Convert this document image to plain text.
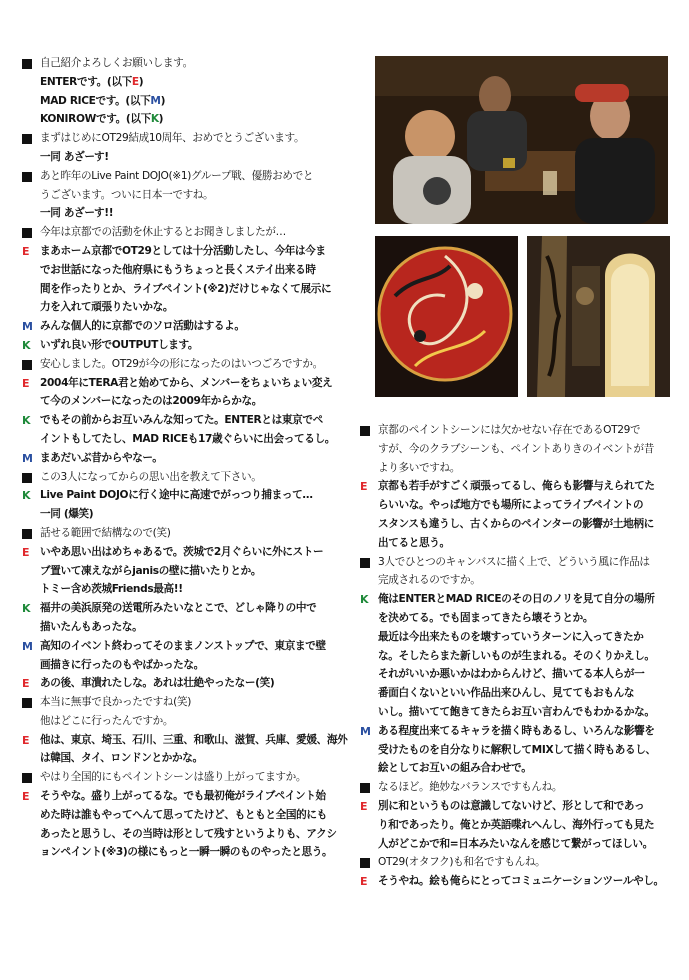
自己紹介よろしくお願いします。
ENTERです。(以下E)
MAD RICEです。(以下M)
KONIROWです。(以下K)
まずはじめにOT29結成10周年、おめでとうございます。
一同 あざーす!
あと昨年のLive Paint DOJO(※1)グループ戦、優勝おめでと
うございます。ついに日本一ですね。
一同 あざーす!!
今年は京都での活動を休止するとお聞きしましたが…
E まあホーム京都でOT29としては十分活動したし、今年は今ま
でお世話になった他府県にもうちょっと長くステイ出来る時
間を作ったりとか、ライブペイント(※2)だけじゃなくて展示に
力を入れて頑張りたいかな。
M みんな個人的に京都でのソロ活動はするよ。
K いずれ良い形でOUTPUTします。
安心しました。OT29が今の形になったのはいつごろですか。
E 2004年にTERA君と始めてから、メンバーをちょいちょい変え
て今のメンバーになったのは2009年からかな。
K でもその前からお互いみんな知ってた。ENTERとは東京でペ
イントもしてたし、MAD RICEも17歳ぐらいに出会ってるし。
M まあだいぶ昔からやなー。
この3人になってからの思い出を教えて下さい。
K Live Paint DOJOに行く途中に高速でがっつり捕まって…
一同 (爆笑)
話せる範囲で結構なので(笑)
E いやあ思い出はめちゃあるで。茨城で2月ぐらいに外にストー
ブ置いて凍えながらjanisの壁に描いたりとか。
トミー含め茨城Friends最高!!
K 福井の美浜原発の送電所みたいなとこで、どしゃ降りの中で
描いたんもあったな。
M 高知のイベント終わってそのままノンストップで、東京まで壁
画描きに行ったのもやばかったな。
E あの後、車潰れたしな。あれは壮絶やったなー(笑)
本当に無事で良かったですね(笑)
他はどこに行ったんですか。
E 他は、東京、埼玉、石川、三重、和歌山、滋賀、兵庫、愛媛、海外
は韓国、タイ、ロンドンとかかな。
やはり全国的にもペイントシーンは盛り上がってますか。
E そうやな。盛り上がってるな。でも最初俺がライブペイント始
めた時は誰もやってへんて思ってたけど、もともと全国的にも
あったと思うし、その当時は形として残すというよりも、アクシ
ョンペイント(※3)の様にもっと一瞬一瞬のものやったと思う。
京都のペイントシーンには欠かせない存在であるOT29で
すが、今のクラブシーンも、ペイントありきのイベントが昔
より多いですね。
E 京都も若手がすごく頑張ってるし、俺らも影響与えられてた
らいいな。やっぱ地方でも場所によってライブペイントの
スタンスも違うし、古くからのペインターの影響が土地柄に
出てると思う。
3人でひとつのキャンバスに描く上で、どういう風に作品は
完成されるのですか。
K 俺はENTERとMAD RICEのその日のノリを見て自分の場所
を決めてる。でも固まってきたら壊そうとか。
最近は今出来たものを壊すっていうターンに入ってきたか
な。そしたらまた新しいものが生まれる。そのくりかえし。
それがいいか悪いかはわからんけど、描いてる本人らが一
番面白くないといい作品出来ひんし、見ててもおもんな
いし。描いてて飽きてきたらお互い言わんでもわかるかな。
M ある程度出来てるキャラを描く時もあるし、いろんな影響を
受けたものを自分なりに解釈してMIXして描く時もあるし、
絵としてお互いの組み合わせで。
なるほど。絶妙なバランスですもんね。
E 別に和というものは意識してないけど、形として和であっ
り和であったり。俺とか英語喋れへんし、海外行っても見た
人がどこかで和=日本みたいなんを感じて繋がってほしい。
OT29(オタフク)も和名ですもんね。
E そうやね。絵も俺らにとってコミュニケーションツールやし。
